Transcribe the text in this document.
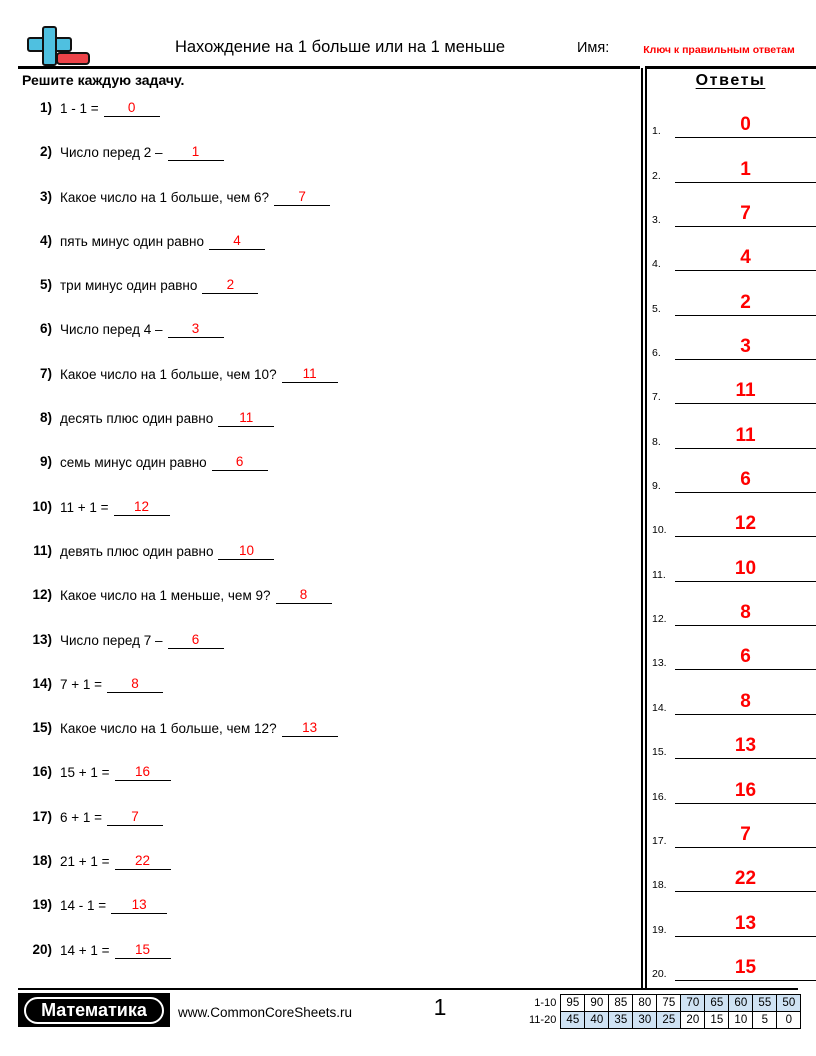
Нахождение на 1 больше или на 1 меньше	Имя:	Ключ к правильным ответам
Решите каждую задачу.
1) 1 - 1 =	0
2) Число перед 2 –	1
3) Какое число на 1 больше, чем 6?	7
4) пять минус один равно	4
5) три минус один равно	2
6) Число перед 4 –	3
7) Какое число на 1 больше, чем 10?	11
8) десять плюс один равно	11
9) семь минус один равно	6
10) 11 + 1 =	12
11) девять плюс один равно	10
12) Какое число на 1 меньше, чем 9?	8
13) Число перед 7 –	6
14) 7 + 1 =	8
15) Какое число на 1 больше, чем 12?	13
16) 15 + 1 =	16
17) 6 + 1 =	7
18) 21 + 1 =	22
19) 14 - 1 =	13
20) 14 + 1 =	15
Ответы
1.	0
2.	1
3.	7
4.	4
5.	2
6.	3
7.	11
8.	11
9.	6
10.	12
11.	10
12.	8
13.	6
14.	8
15.	13
16.	16
17.	7
18.	22
19.	13
20.	15
Математика	www.CommonCoreSheets.ru	1	1-10	95	90	85	80	75	70	65	60	55	50
11-20	45	40	35	30	25	20	15	10	5	0
